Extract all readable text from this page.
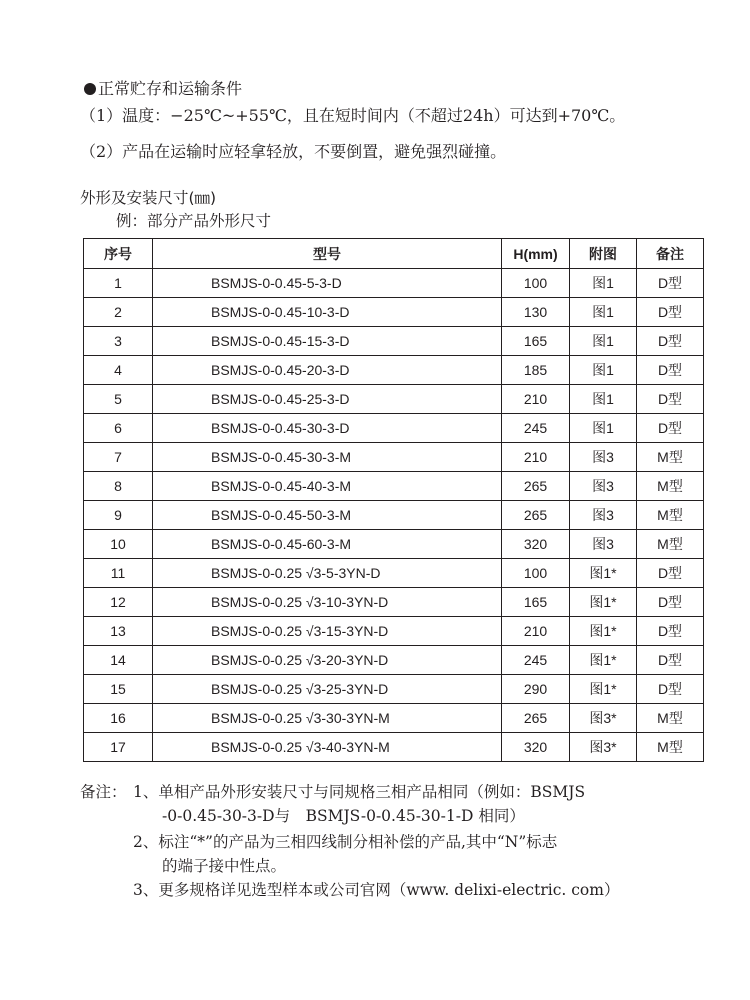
正常贮存和运输条件
（1）温度：−25℃~+55℃，且在短时间内（不超过24h）可达到+70℃。
（2）产品在运输时应轻拿轻放，不要倒置，避免强烈碰撞。
外形及安装尺寸(㎜)
例：部分产品外形尺寸
序号	型号	H(mm)	附图	备注
1	BSMJS-0-0.45-5-3-D	100	图1	D型
2	BSMJS-0-0.45-10-3-D	130	图1	D型
3	BSMJS-0-0.45-15-3-D	165	图1	D型
4	BSMJS-0-0.45-20-3-D	185	图1	D型
5	BSMJS-0-0.45-25-3-D	210	图1	D型
6	BSMJS-0-0.45-30-3-D	245	图1	D型
7	BSMJS-0-0.45-30-3-M	210	图3	M型
8	BSMJS-0-0.45-40-3-M	265	图3	M型
9	BSMJS-0-0.45-50-3-M	265	图3	M型
10	BSMJS-0-0.45-60-3-M	320	图3	M型
11	BSMJS-0-0.25 √3-5-3YN-D	100	图1*	D型
12	BSMJS-0-0.25 √3-10-3YN-D	165	图1*	D型
13	BSMJS-0-0.25 √3-15-3YN-D	210	图1*	D型
14	BSMJS-0-0.25 √3-20-3YN-D	245	图1*	D型
15	BSMJS-0-0.25 √3-25-3YN-D	290	图1*	D型
16	BSMJS-0-0.25 √3-30-3YN-M	265	图3*	M型
17	BSMJS-0-0.25 √3-40-3YN-M	320	图3*	M型
备注： 1、单相产品外形安装尺寸与同规格三相产品相同（例如：BSMJS
-0-0.45-30-3-D与　BSMJS-0-0.45-30-1-D 相同）
2、标注“*”的产品为三相四线制分相补偿的产品,其中“N”标志
的端子接中性点。
3、更多规格详见选型样本或公司官网（www. delixi-electric. com）
